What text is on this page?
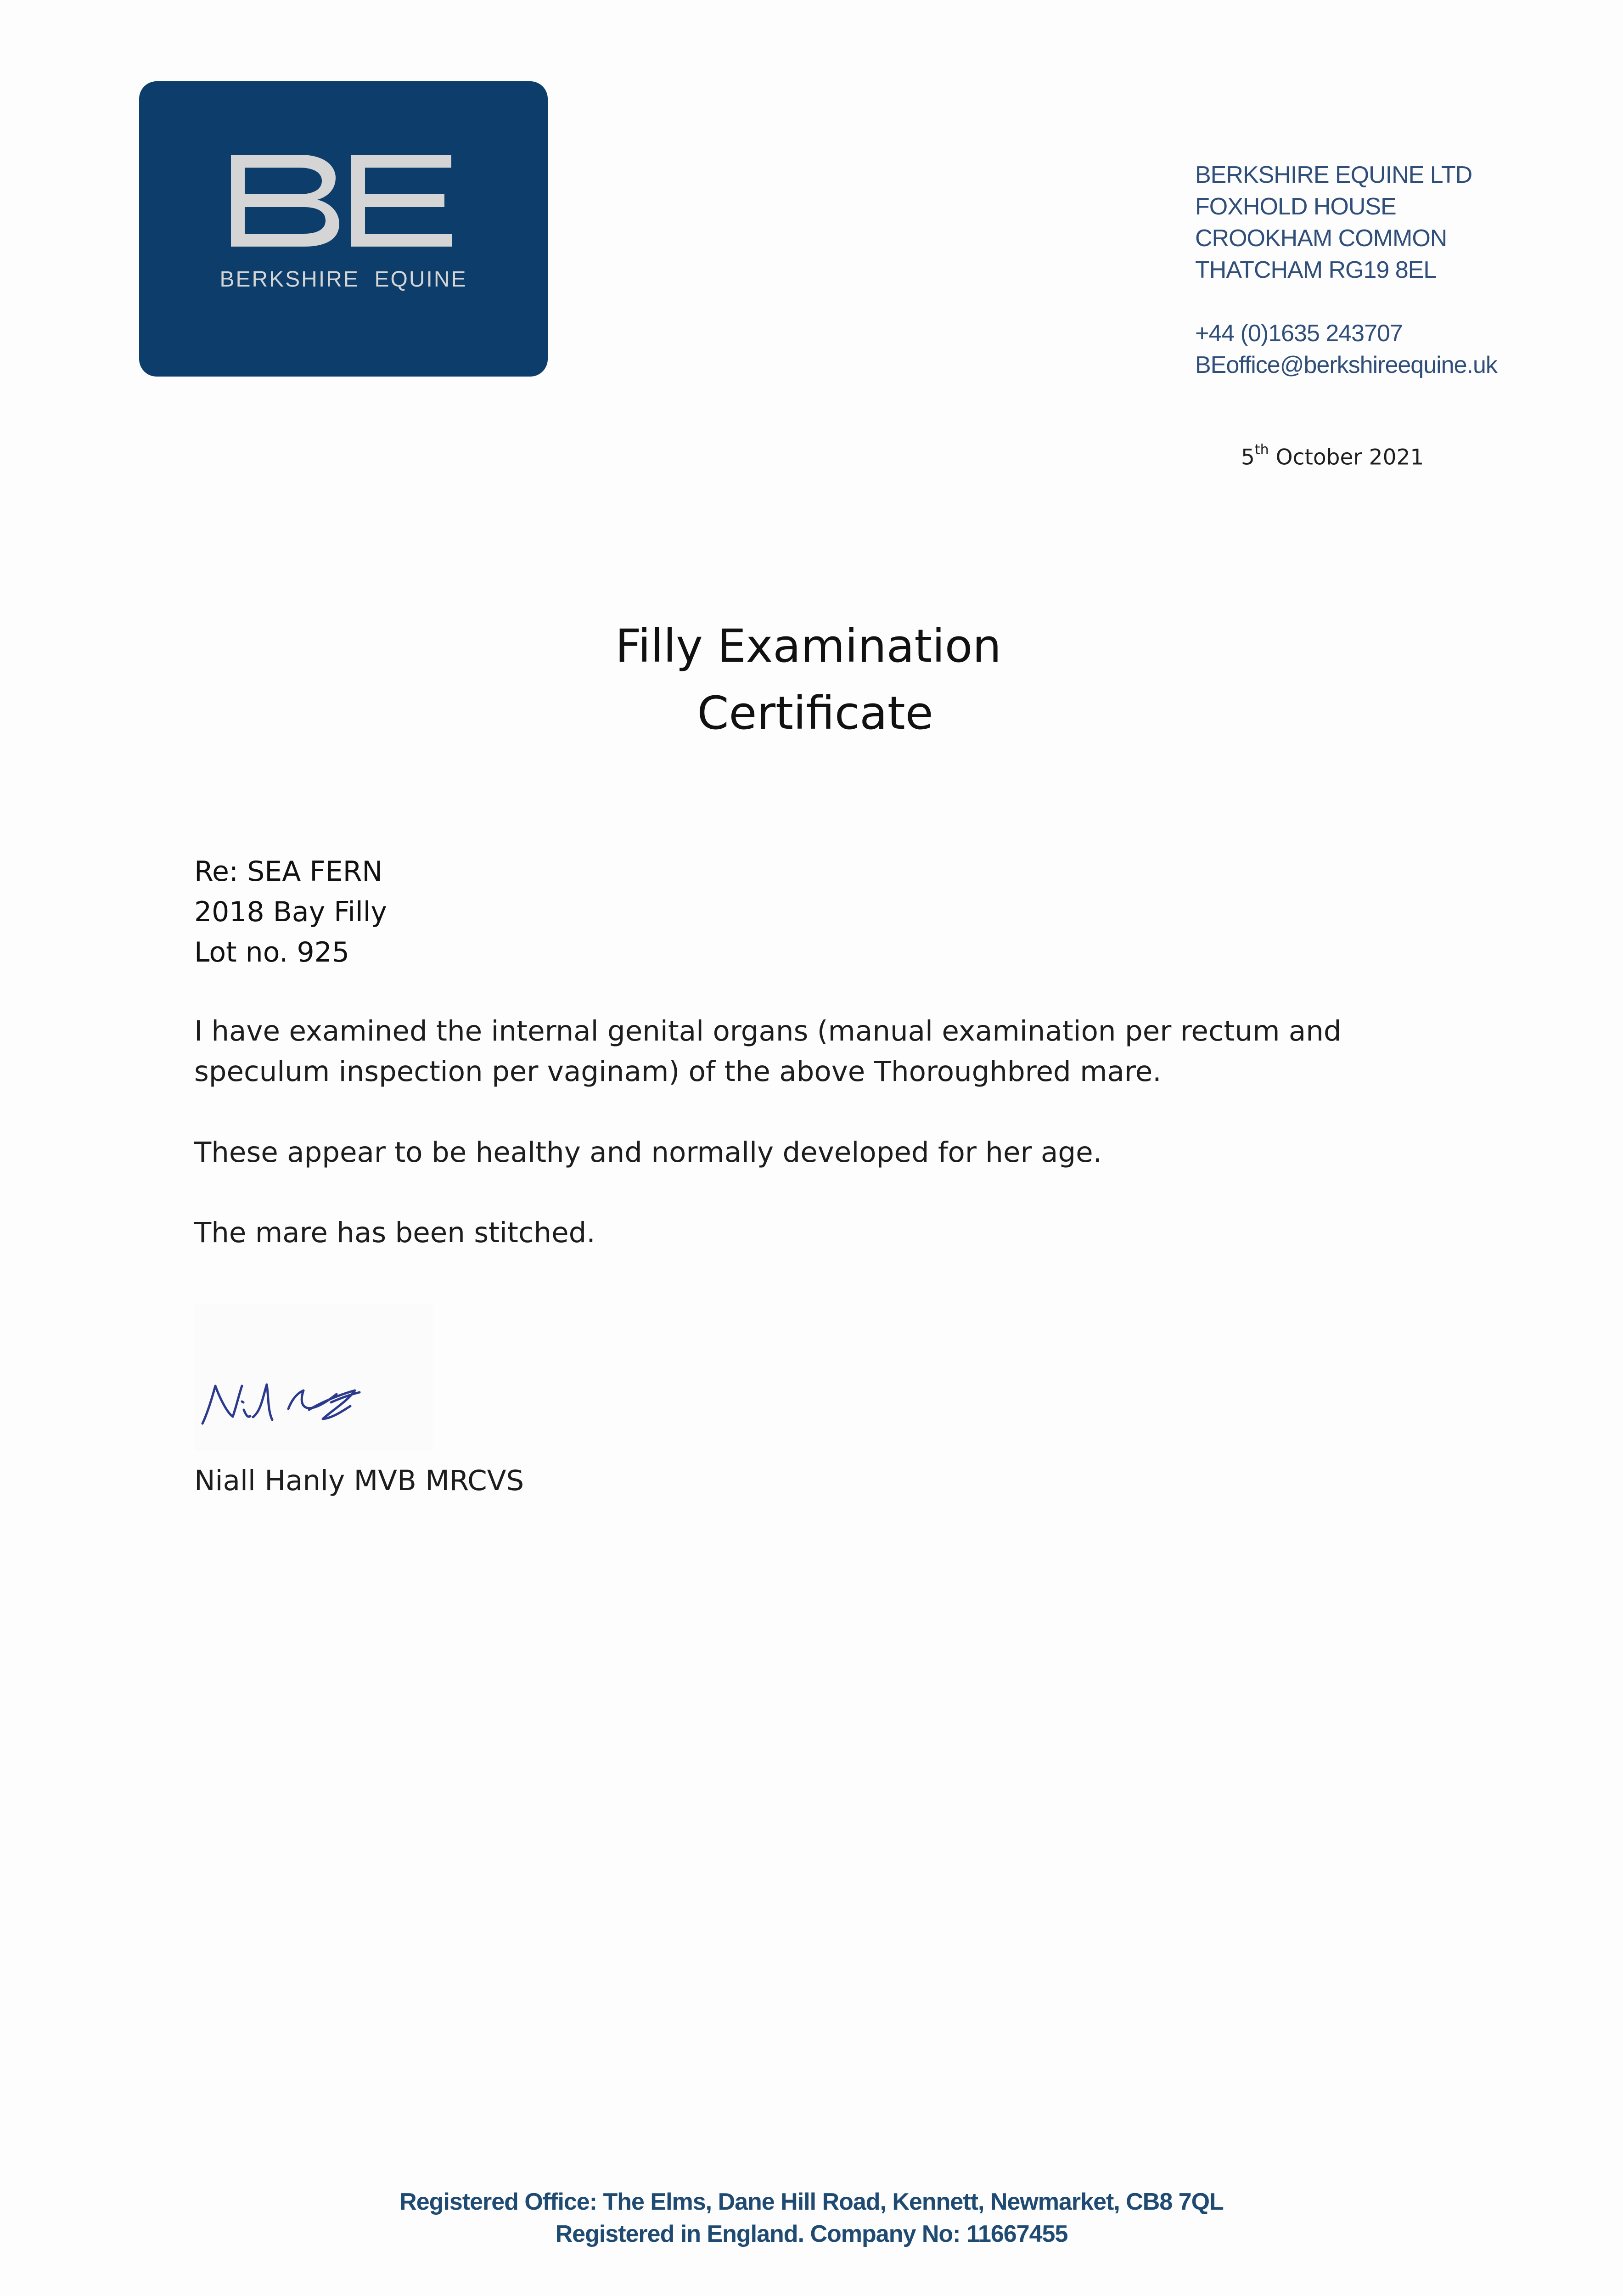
BERKSHIRE  EQUINE
BERKSHIRE EQUINE LTD
FOXHOLD HOUSE
CROOKHAM COMMON
THATCHAM RG19 8EL
+44 (0)1635 243707
BEoffice@berkshireequine.uk
5th October 2021
Filly Examination
Certificate
Re: SEA FERN
2018 Bay Filly
Lot no. 925
I have examined the internal genital organs (manual examination per rectum and speculum inspection per vaginam) of the above Thoroughbred mare.
These appear to be healthy and normally developed for her age.
The mare has been stitched.
Niall Hanly MVB MRCVS
Registered Office: The Elms, Dane Hill Road, Kennett, Newmarket, CB8 7QL
Registered in England. Company No: 11667455
